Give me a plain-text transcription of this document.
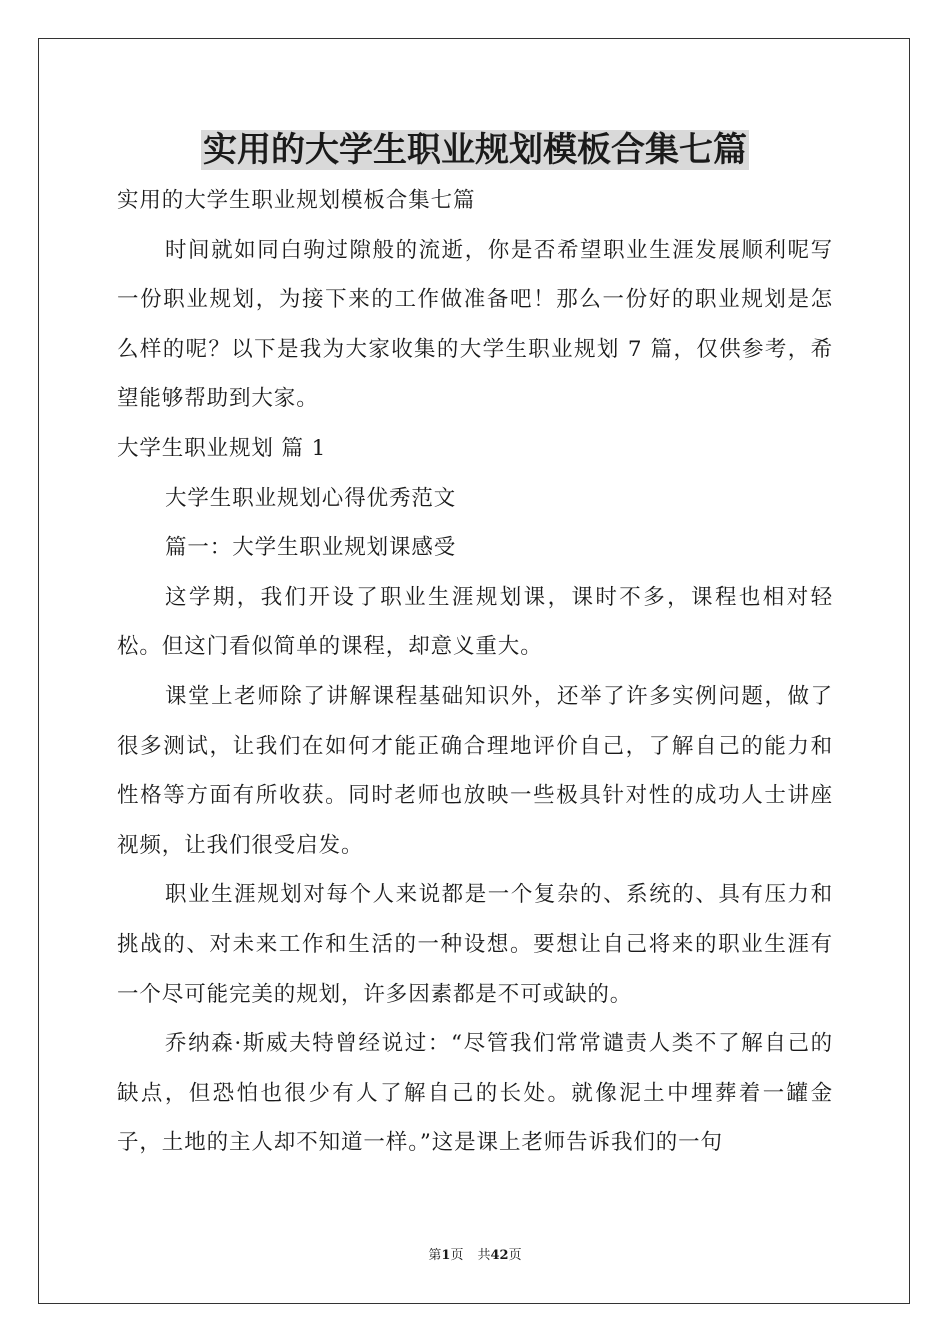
实用的大学生职业规划模板合集七篇

实用的大学生职业规划模板合集七篇

时间就如同白驹过隙般的流逝，你是否希望职业生涯发展顺利呢写一份职业规划，为接下来的工作做准备吧！那么一份好的职业规划是怎么样的呢？以下是我为大家收集的大学生职业规划 7 篇，仅供参考，希望能够帮助到大家。

大学生职业规划 篇 1

大学生职业规划心得优秀范文

篇一：大学生职业规划课感受

这学期，我们开设了职业生涯规划课，课时不多，课程也相对轻松。但这门看似简单的课程，却意义重大。

课堂上老师除了讲解课程基础知识外，还举了许多实例问题，做了很多测试，让我们在如何才能正确合理地评价自己，了解自己的能力和性格等方面有所收获。同时老师也放映一些极具针对性的成功人士讲座视频，让我们很受启发。

职业生涯规划对每个人来说都是一个复杂的、系统的、具有压力和挑战的、对未来工作和生活的一种设想。要想让自己将来的职业生涯有一个尽可能完美的规划，许多因素都是不可或缺的。

乔纳森·斯威夫特曾经说过：“尽管我们常常谴责人类不了解自己的缺点，但恐怕也很少有人了解自己的长处。就像泥土中埋葬着一罐金子，土地的主人却不知道一样。”这是课上老师告诉我们的一句

第1页 共42页
